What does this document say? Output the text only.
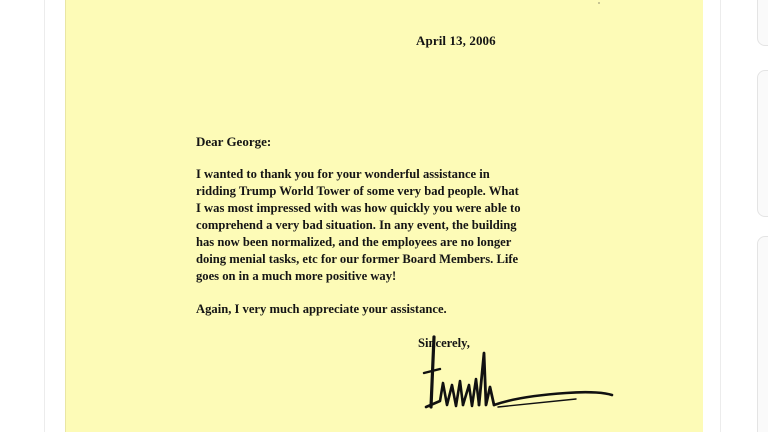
April 13, 2006
Dear George:
I wanted to thank you for your wonderful assistance in
ridding Trump World Tower of some very bad people. What
I was most impressed with was how quickly you were able to
comprehend a very bad situation. In any event, the building
has now been normalized, and the employees are no longer
doing menial tasks, etc for our former Board Members. Life
goes on in a much more positive way!
Again, I very much appreciate your assistance.
Sincerely,
